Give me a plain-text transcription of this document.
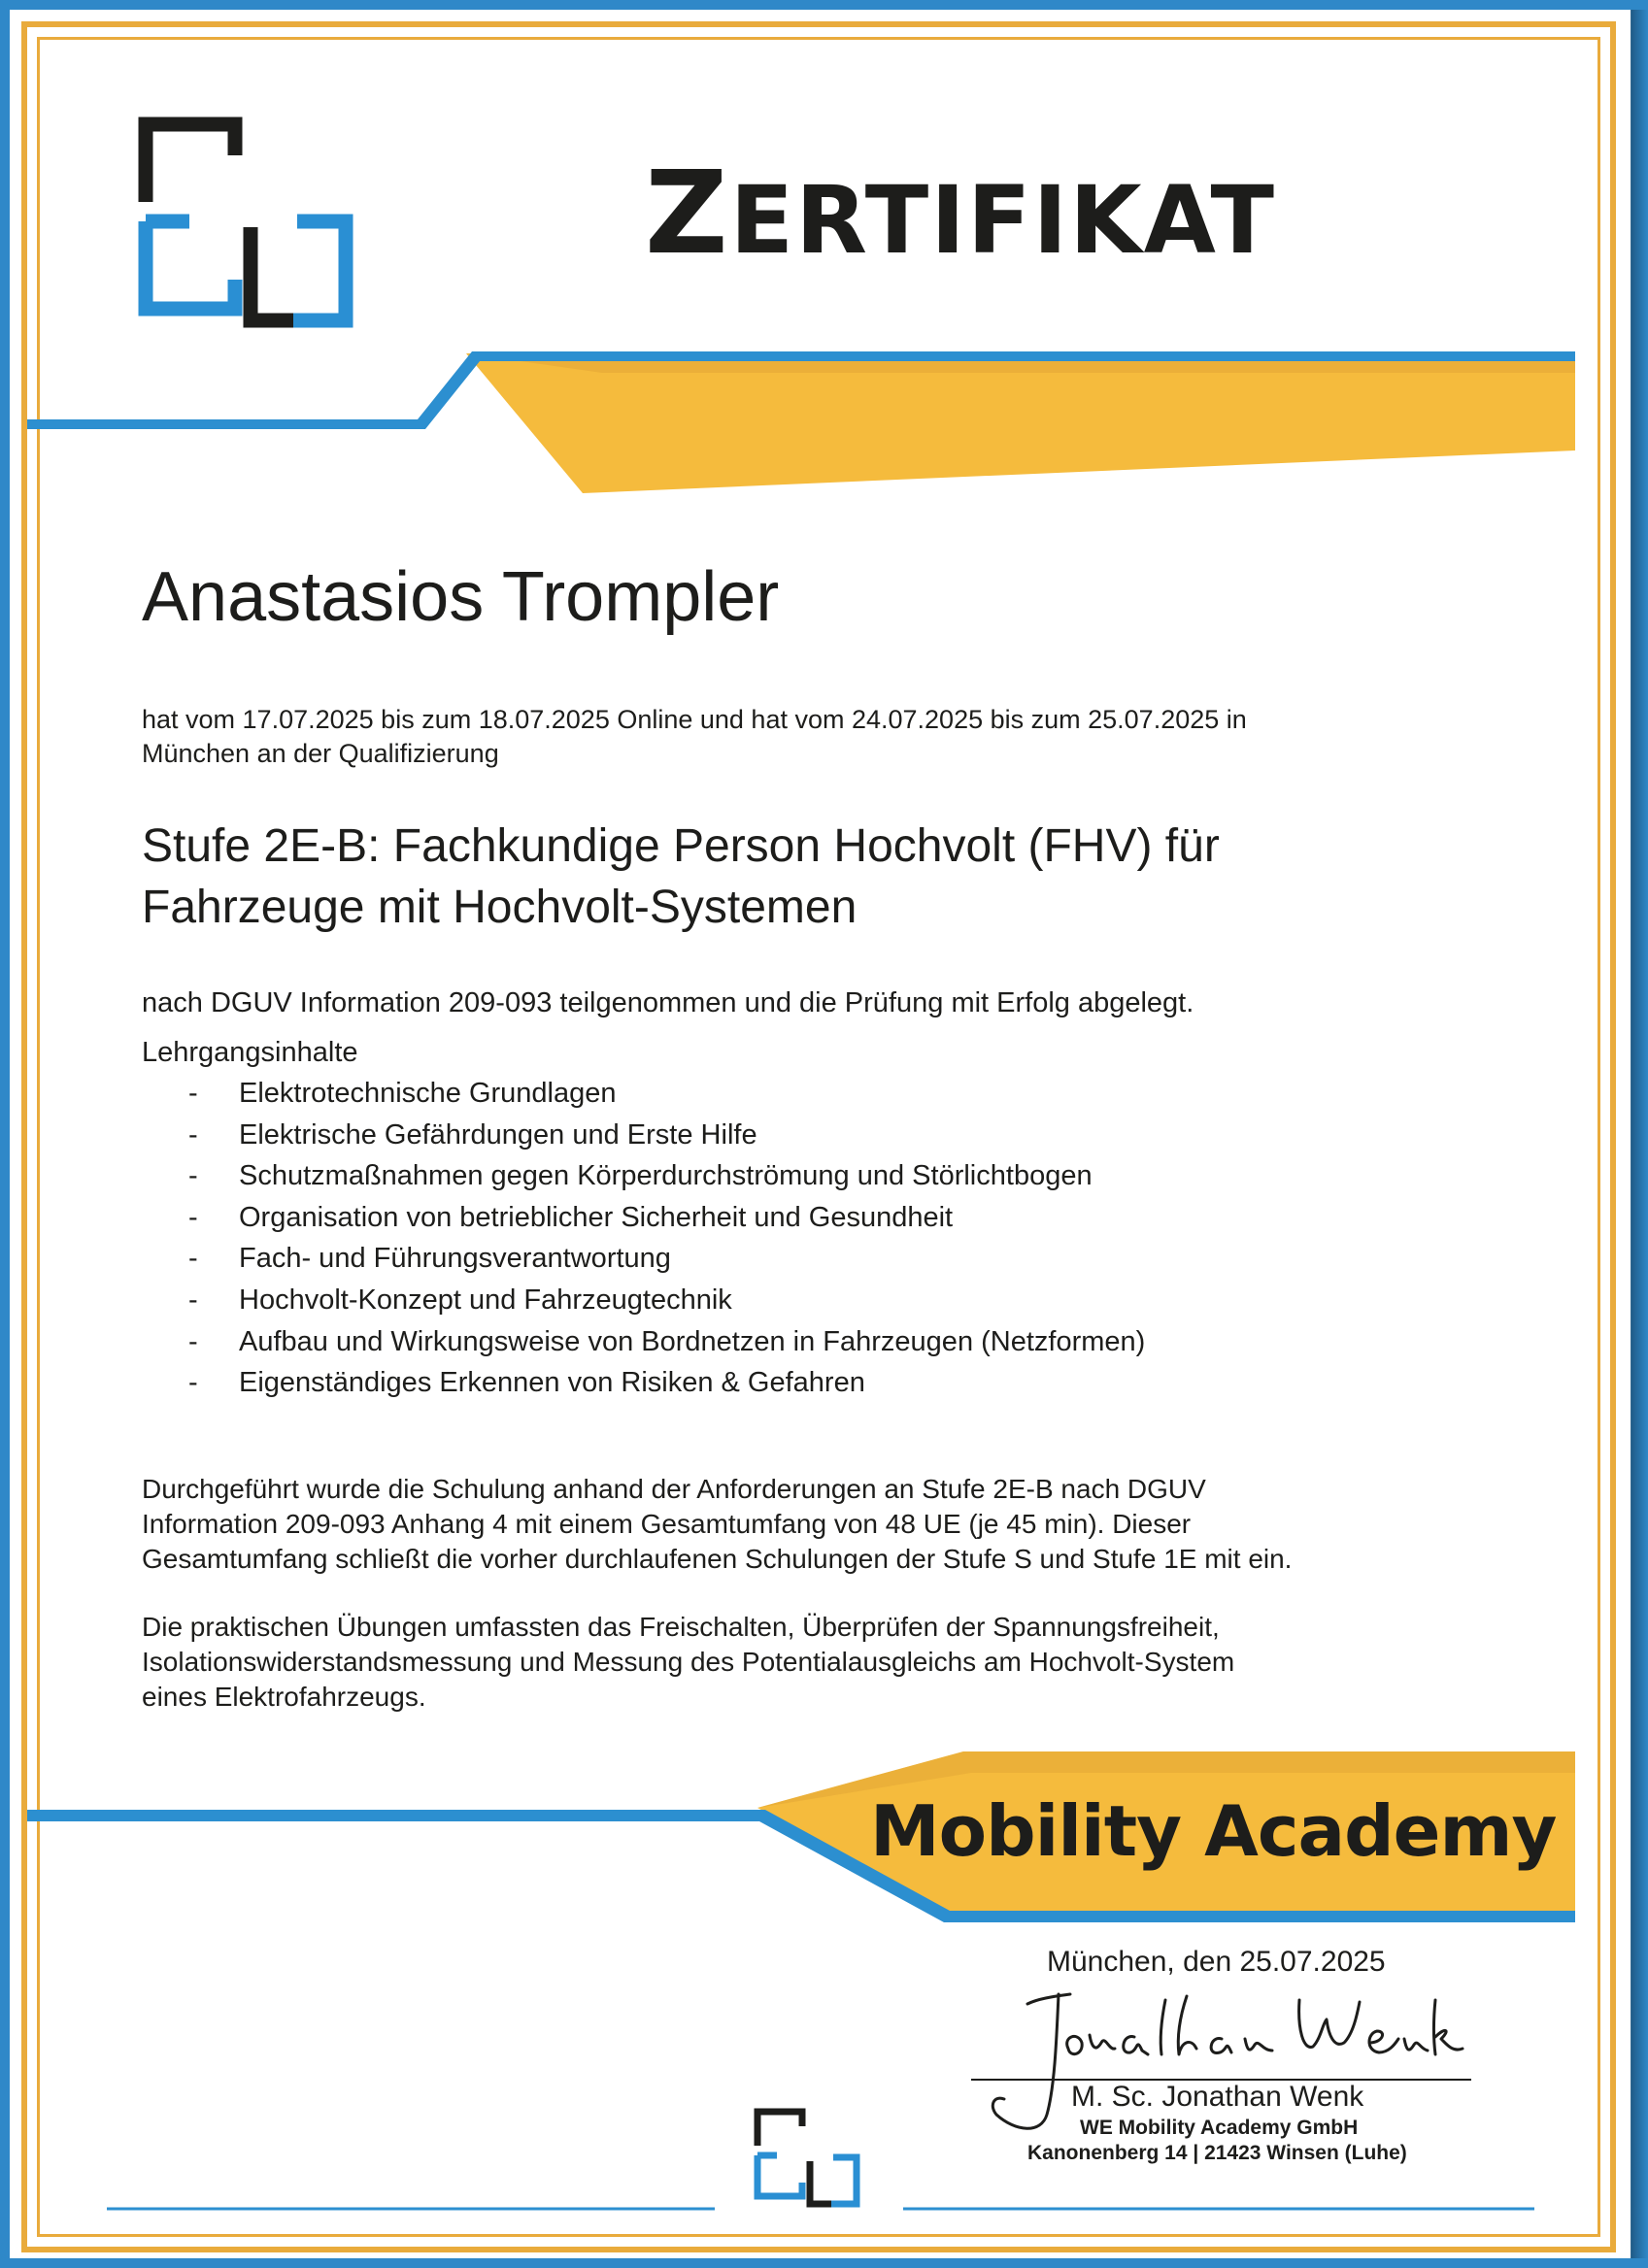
ZERTIFIKAT
Anastasios Trompler
hat vom 17.07.2025 bis zum 18.07.2025 Online und hat vom 24.07.2025 bis zum 25.07.2025 in
München an der Qualifizierung
Stufe 2E-B: Fachkundige Person Hochvolt (FHV) für
Fahrzeuge mit Hochvolt-Systemen
nach DGUV Information 209-093 teilgenommen und die Prüfung mit Erfolg abgelegt.
Lehrgangsinhalte
- Elektrotechnische Grundlagen
- Elektrische Gefährdungen und Erste Hilfe
- Schutzmaßnahmen gegen Körperdurchströmung und Störlichtbogen
- Organisation von betrieblicher Sicherheit und Gesundheit
- Fach- und Führungsverantwortung
- Hochvolt-Konzept und Fahrzeugtechnik
- Aufbau und Wirkungsweise von Bordnetzen in Fahrzeugen (Netzformen)
- Eigenständiges Erkennen von Risiken & Gefahren
Durchgeführt wurde die Schulung anhand der Anforderungen an Stufe 2E-B nach DGUV
Information 209-093 Anhang 4 mit einem Gesamtumfang von 48 UE (je 45 min). Dieser
Gesamtumfang schließt die vorher durchlaufenen Schulungen der Stufe S und Stufe 1E mit ein.
Die praktischen Übungen umfassten das Freischalten, Überprüfen der Spannungsfreiheit,
Isolationswiderstandsmessung und Messung des Potentialausgleichs am Hochvolt-System
eines Elektrofahrzeugs.
Mobility Academy
München, den 25.07.2025
M. Sc. Jonathan Wenk
WE Mobility Academy GmbH
Kanonenberg 14 | 21423 Winsen (Luhe)
